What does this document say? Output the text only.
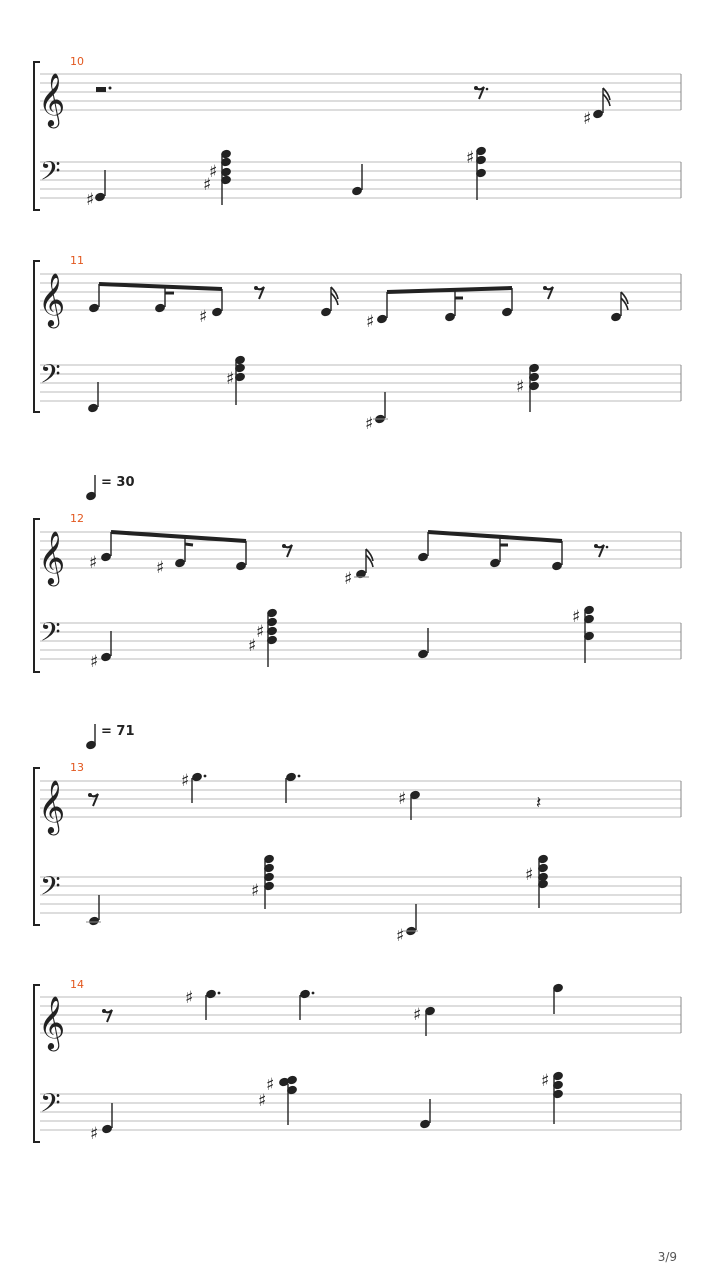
10
𝄞	♯
𝄢
♯
♯
♯
♯
11
𝄞	♯	♯
𝄢	♯
♯
♯
= 30
12
𝄞 ♯	♯
♯
𝄢
♯
♯
♯
♯
= 71
13
𝄞	♯
♯	𝄽
𝄢	♯
♯
♯
14
𝄞	♯
♯
𝄢
♯
♯
♯	♯
3/9
